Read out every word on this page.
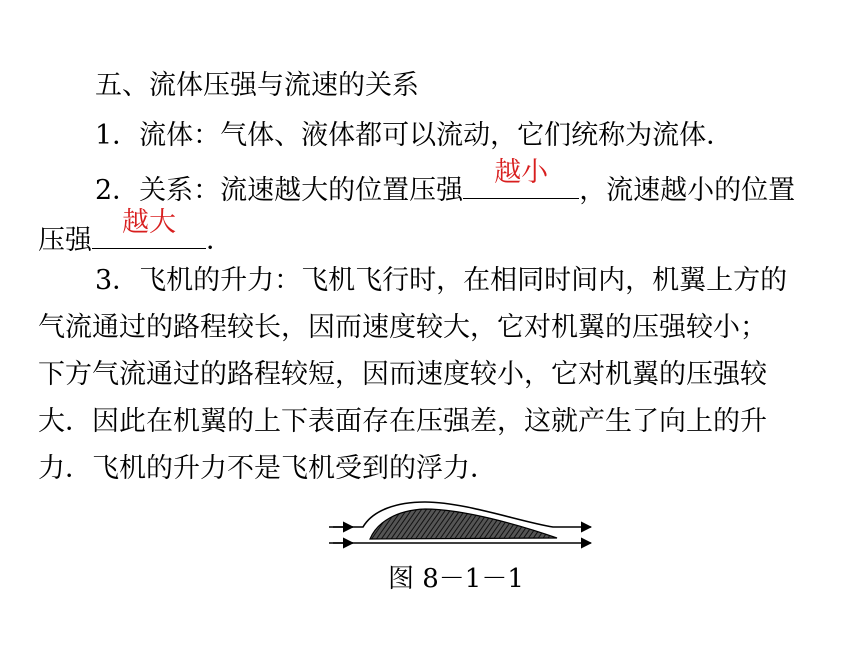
五、流体压强与流速的关系
1．流体：气体、液体都可以流动，它们统称为流体．
2．关系：流速越大的位置压强
越小
，流速越小的位置
压强
越大
．
3．飞机的升力：飞机飞行时，在相同时间内，机翼上方的
气流通过的路程较长，因而速度较大，它对机翼的压强较小；
下方气流通过的路程较短，因而速度较小，它对机翼的压强较
大．因此在机翼的上下表面存在压强差，这就产生了向上的升
力．飞机的升力不是飞机受到的浮力．
图 8－1－1
